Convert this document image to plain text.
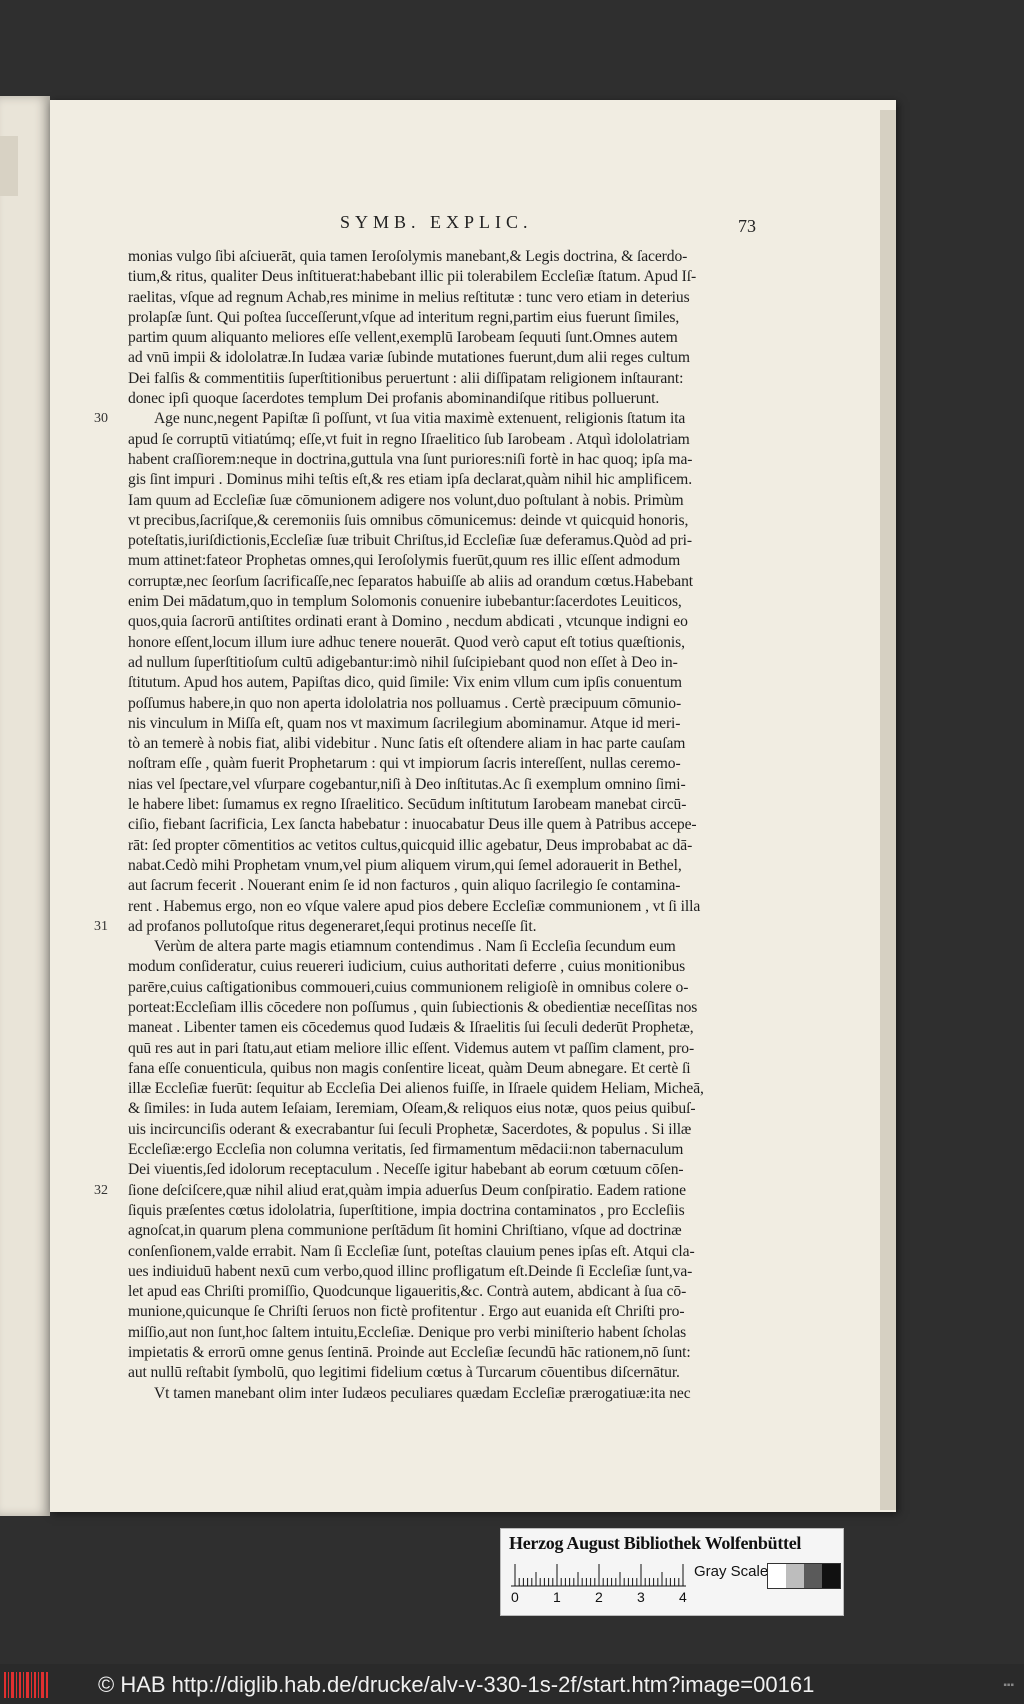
SYMB. EXPLIC.	73
30
31
32
monias vulgo ſibi aſciuerāt, quia tamen Ieroſolymis manebant,& Legis doctrina, & ſacerdo-
tium,& ritus, qualiter Deus inſtituerat:habebant illic pii tolerabilem Eccleſiæ ſtatum. Apud Iſ-
raelitas, vſque ad regnum Achab,res minime in melius reſtitutæ : tunc vero etiam in deterius
prolapſæ ſunt. Qui poſtea ſucceſſerunt,vſque ad interitum regni,partim eius fuerunt ſimiles,
partim quum aliquanto meliores eſſe vellent,exemplū Iarobeam ſequuti ſunt.Omnes autem
ad vnū impii & idololatræ.In Iudæa variæ ſubinde mutationes fuerunt,dum alii reges cultum
Dei falſis & commentitiis ſuperſtitionibus peruertunt : alii diſſipatam religionem inſtaurant:
donec ipſi quoque ſacerdotes templum Dei profanis abominandiſque ritibus polluerunt.
Age nunc,negent Papiſtæ ſi poſſunt, vt ſua vitia maximè extenuent, religionis ſtatum ita
apud ſe corruptū vitiatúmq; eſſe,vt fuit in regno Iſraelitico ſub Iarobeam . Atquì idololatriam
habent craſſiorem:neque in doctrina,guttula vna ſunt puriores:niſi fortè in hac quoq; ipſa ma-
gis ſint impuri . Dominus mihi teſtis eſt,& res etiam ipſa declarat,quàm nihil hic amplificem.
Iam quum ad Eccleſiæ ſuæ cōmunionem adigere nos volunt,duo poſtulant à nobis. Primùm
vt precibus,ſacriſque,& ceremoniis ſuis omnibus cōmunicemus: deinde vt quicquid honoris,
poteſtatis,iuriſdictionis,Eccleſiæ ſuæ tribuit Chriſtus,id Eccleſiæ ſuæ deferamus.Quòd ad pri-
mum attinet:fateor Prophetas omnes,qui Ieroſolymis fuerūt,quum res illic eſſent admodum
corruptæ,nec ſeorſum ſacrificaſſe,nec ſeparatos habuiſſe ab aliis ad orandum cœtus.Habebant
enim Dei mādatum,quo in templum Solomonis conuenire iubebantur:ſacerdotes Leuiticos,
quos,quia ſacrorū antiſtites ordinati erant à Domino , necdum abdicati , vtcunque indigni eo
honore eſſent,locum illum iure adhuc tenere nouerāt. Quod verò caput eſt totius quæſtionis,
ad nullum ſuperſtitioſum cultū adigebantur:imò nihil ſuſcipiebant quod non eſſet à Deo in-
ſtitutum. Apud hos autem, Papiſtas dico, quid ſimile: Vix enim vllum cum ipſis conuentum
poſſumus habere,in quo non aperta idololatria nos polluamus . Certè præcipuum cōmunio-
nis vinculum in Miſſa eſt, quam nos vt maximum ſacrilegium abominamur. Atque id meri-
tò an temerè à nobis fiat, alibi videbitur . Nunc ſatis eſt oſtendere aliam in hac parte cauſam
noſtram eſſe , quàm fuerit Prophetarum : qui vt impiorum ſacris intereſſent, nullas ceremo-
nias vel ſpectare,vel vſurpare cogebantur,niſi à Deo inſtitutas.Ac ſi exemplum omnino ſimi-
le habere libet: ſumamus ex regno Iſraelitico. Secūdum inſtitutum Iarobeam manebat circū-
ciſio, fiebant ſacrificia, Lex ſancta habebatur : inuocabatur Deus ille quem à Patribus accepe-
rāt: ſed propter cōmentitios ac vetitos cultus,quicquid illic agebatur, Deus improbabat ac dā-
nabat.Cedò mihi Prophetam vnum,vel pium aliquem virum,qui ſemel adorauerit in Bethel,
aut ſacrum fecerit . Nouerant enim ſe id non facturos , quin aliquo ſacrilegio ſe contamina-
rent . Habemus ergo, non eo vſque valere apud pios debere Eccleſiæ communionem , vt ſi illa
ad profanos pollutoſque ritus degeneraret,ſequi protinus neceſſe ſit.
Verùm de altera parte magis etiamnum contendimus . Nam ſi Eccleſia ſecundum eum
modum conſideratur, cuius reuereri iudicium, cuius authoritati deferre , cuius monitionibus
parēre,cuius caſtigationibus commoueri,cuius communionem religioſè in omnibus colere o-
porteat:Eccleſiam illis cōcedere non poſſumus , quin ſubiectionis & obedientiæ neceſſitas nos
maneat . Libenter tamen eis cōcedemus quod Iudæis & Iſraelitis ſui ſeculi dederūt Prophetæ,
quū res aut in pari ſtatu,aut etiam meliore illic eſſent. Videmus autem vt paſſim clament, pro-
fana eſſe conuenticula, quibus non magis conſentire liceat, quàm Deum abnegare. Et certè ſi
illæ Eccleſiæ fuerūt: ſequitur ab Eccleſia Dei alienos fuiſſe, in Iſraele quidem Heliam, Micheā,
& ſimiles: in Iuda autem Ieſaiam, Ieremiam, Oſeam,& reliquos eius notæ, quos peius quibuſ-
uis incircunciſis oderant & execrabantur ſui ſeculi Prophetæ, Sacerdotes, & populus . Si illæ
Eccleſiæ:ergo Eccleſia non columna veritatis, ſed firmamentum mēdacii:non tabernaculum
Dei viuentis,ſed idolorum receptaculum . Neceſſe igitur habebant ab eorum cœtuum cōſen-
ſione deſciſcere,quæ nihil aliud erat,quàm impia aduerſus Deum conſpiratio. Eadem ratione
ſiquis præſentes cœtus idololatria, ſuperſtitione, impia doctrina contaminatos , pro Eccleſiis
agnoſcat,in quarum plena communione perſtādum ſit homini Chriſtiano, vſque ad doctrinæ
conſenſionem,valde errabit. Nam ſi Eccleſiæ ſunt, poteſtas clauium penes ipſas eſt. Atqui cla-
ues indiuiduū habent nexū cum verbo,quod illinc profligatum eſt.Deinde ſi Eccleſiæ ſunt,va-
let apud eas Chriſti promiſſio, Quodcunque ligaueritis,&c. Contrà autem, abdicant à ſua cō-
munione,quicunque ſe Chriſti ſeruos non fictè profitentur . Ergo aut euanida eſt Chriſti pro-
miſſio,aut non ſunt,hoc ſaltem intuitu,Eccleſiæ. Denique pro verbi miniſterio habent ſcholas
impietatis & errorū omne genus ſentinā. Proinde aut Eccleſiæ ſecundū hāc rationem,nō ſunt:
aut nullū reſtabit ſymbolū, quo legitimi fidelium cœtus à Turcarum cōuentibus diſcernātur.
Vt tamen manebant olim inter Iudæos peculiares quædam Eccleſiæ prærogatiuæ:ita nec
Herzog August Bibliothek Wolfenbüttel
0 1 2 3 4
Gray Scale
© HAB http://diglib.hab.de/drucke/alv-v-330-1s-2f/start.htm?image=00161	▪▪▪
